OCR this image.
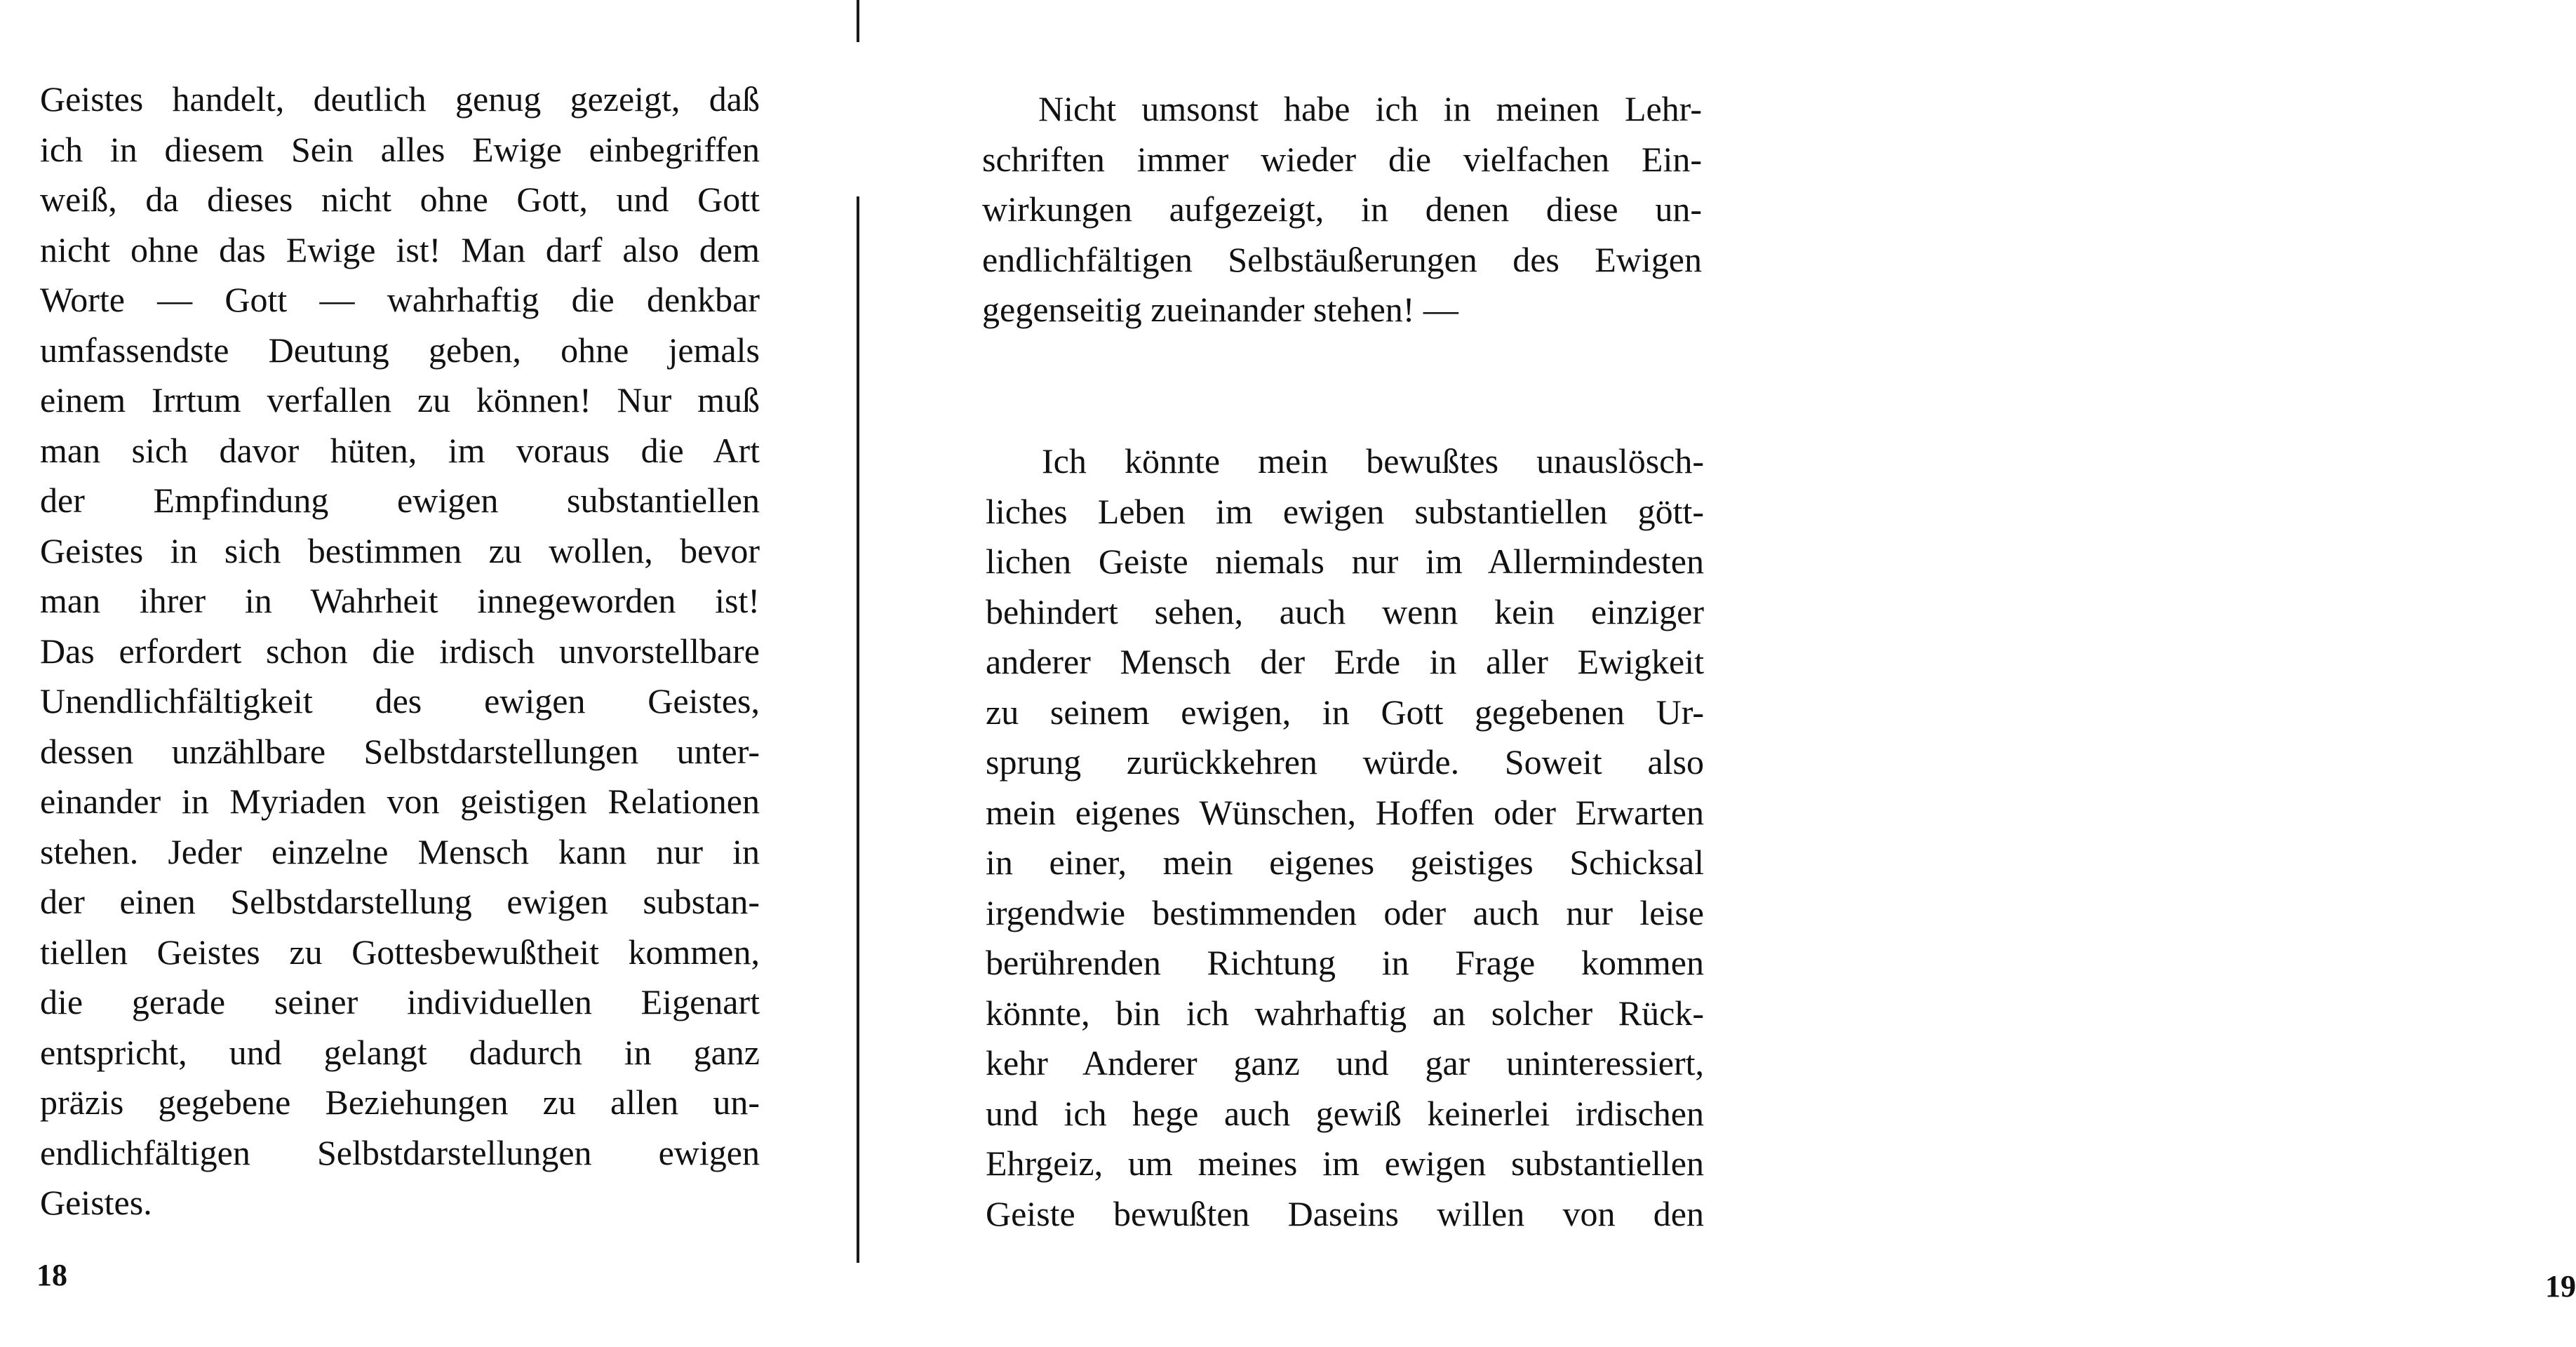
Geistes handelt, deutlich genug gezeigt, daß
ich in diesem Sein alles Ewige einbegriffen
weiß, da dieses nicht ohne Gott, und Gott
nicht ohne das Ewige ist! Man darf also dem
Worte — Gott — wahrhaftig die denkbar
umfassendste Deutung geben, ohne jemals
einem Irrtum verfallen zu können! Nur muß
man sich davor hüten, im voraus die Art
der Empfindung ewigen substantiellen
Geistes in sich bestimmen zu wollen, bevor
man ihrer in Wahrheit innegeworden ist!
Das erfordert schon die irdisch unvorstellbare
Unendlichfältigkeit des ewigen Geistes,
dessen unzählbare Selbstdarstellungen unter-
einander in Myriaden von geistigen Relationen
stehen. Jeder einzelne Mensch kann nur in
der einen Selbstdarstellung ewigen substan-
tiellen Geistes zu Gottesbewußtheit kommen,
die gerade seiner individuellen Eigenart
entspricht, und gelangt dadurch in ganz
präzis gegebene Beziehungen zu allen un-
endlichfältigen Selbstdarstellungen ewigen
Geistes.
18
Nicht umsonst habe ich in meinen Lehr-
schriften immer wieder die vielfachen Ein-
wirkungen aufgezeigt, in denen diese un-
endlichfältigen Selbstäußerungen des Ewigen
gegenseitig zueinander stehen! —
Ich könnte mein bewußtes unauslösch-
liches Leben im ewigen substantiellen gött-
lichen Geiste niemals nur im Allermindesten
behindert sehen, auch wenn kein einziger
anderer Mensch der Erde in aller Ewigkeit
zu seinem ewigen, in Gott gegebenen Ur-
sprung zurückkehren würde. Soweit also
mein eigenes Wünschen, Hoffen oder Erwarten
in einer, mein eigenes geistiges Schicksal
irgendwie bestimmenden oder auch nur leise
berührenden Richtung in Frage kommen
könnte, bin ich wahrhaftig an solcher Rück-
kehr Anderer ganz und gar uninteressiert,
und ich hege auch gewiß keinerlei irdischen
Ehrgeiz, um meines im ewigen substantiellen
Geiste bewußten Daseins willen von den
19
